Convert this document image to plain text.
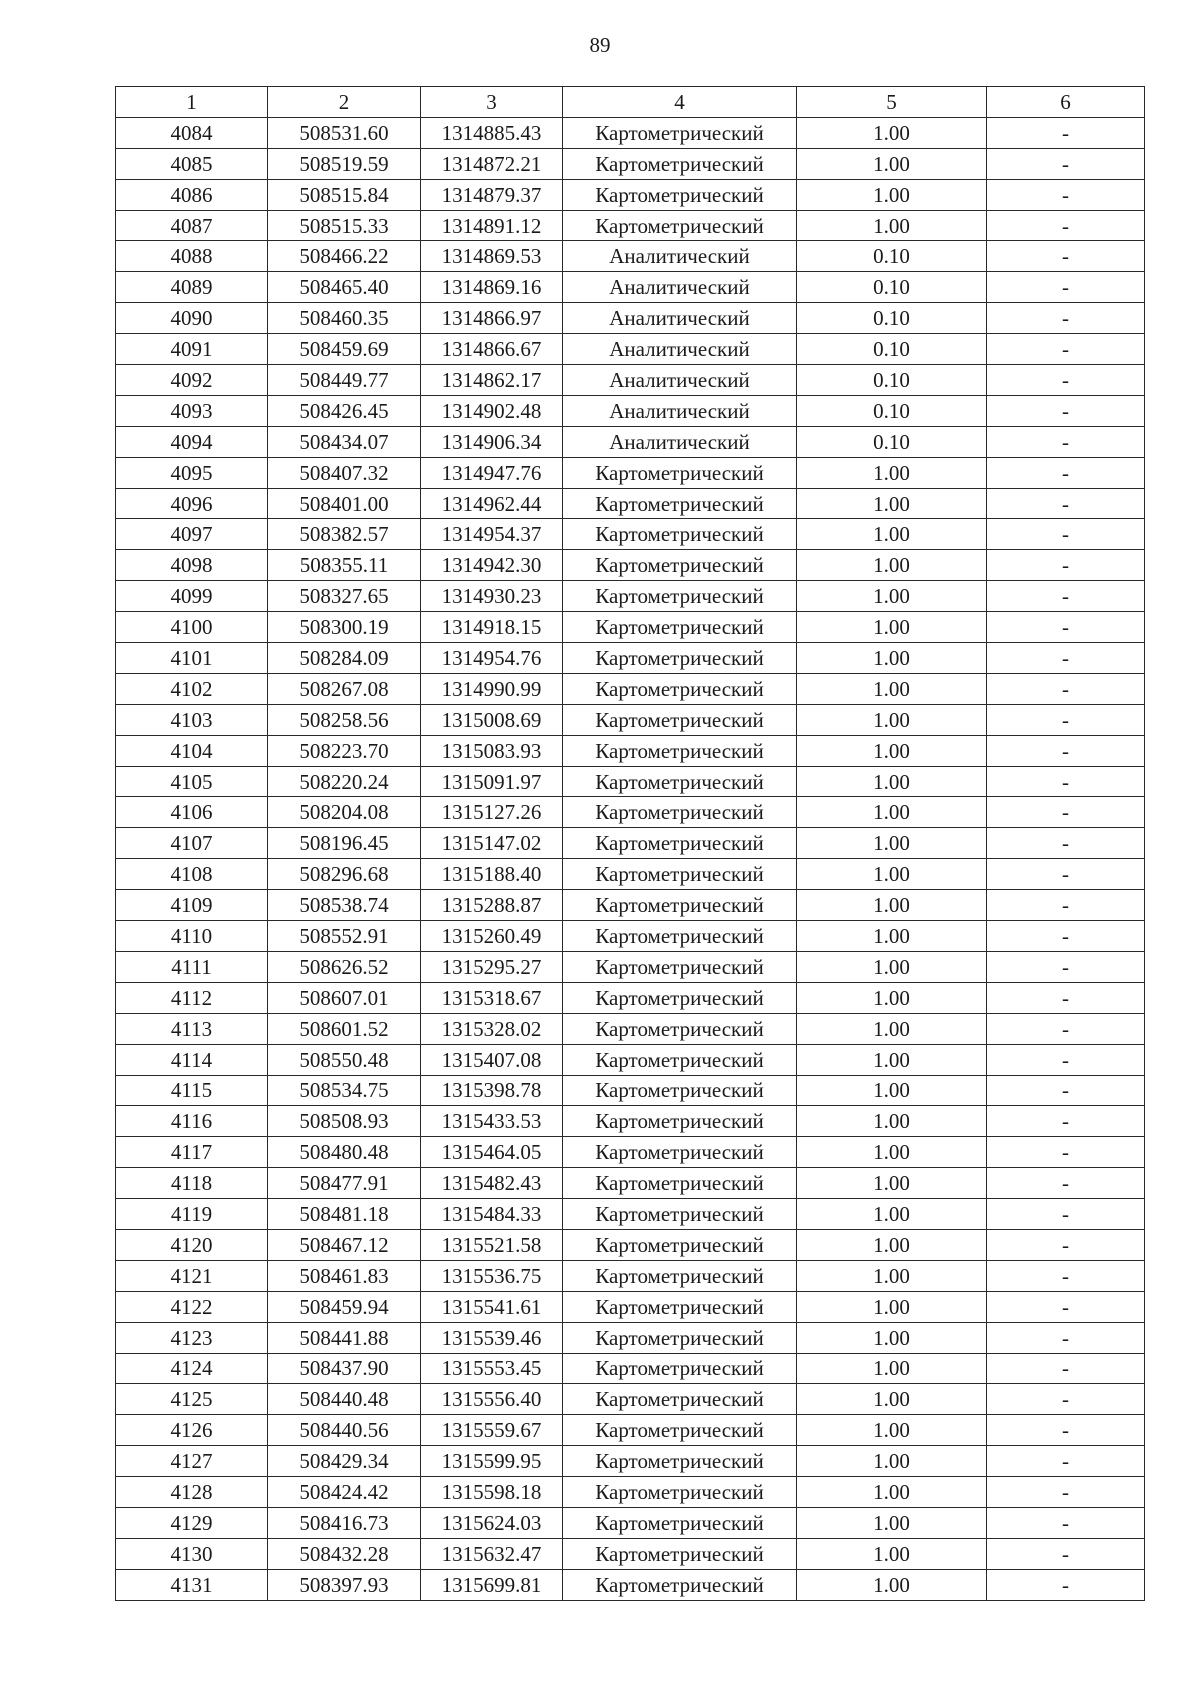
89
1	2	3	4	5	6
4084	508531.60	1314885.43	Картометрический	1.00	-
4085	508519.59	1314872.21	Картометрический	1.00	-
4086	508515.84	1314879.37	Картометрический	1.00	-
4087	508515.33	1314891.12	Картометрический	1.00	-
4088	508466.22	1314869.53	Аналитический	0.10	-
4089	508465.40	1314869.16	Аналитический	0.10	-
4090	508460.35	1314866.97	Аналитический	0.10	-
4091	508459.69	1314866.67	Аналитический	0.10	-
4092	508449.77	1314862.17	Аналитический	0.10	-
4093	508426.45	1314902.48	Аналитический	0.10	-
4094	508434.07	1314906.34	Аналитический	0.10	-
4095	508407.32	1314947.76	Картометрический	1.00	-
4096	508401.00	1314962.44	Картометрический	1.00	-
4097	508382.57	1314954.37	Картометрический	1.00	-
4098	508355.11	1314942.30	Картометрический	1.00	-
4099	508327.65	1314930.23	Картометрический	1.00	-
4100	508300.19	1314918.15	Картометрический	1.00	-
4101	508284.09	1314954.76	Картометрический	1.00	-
4102	508267.08	1314990.99	Картометрический	1.00	-
4103	508258.56	1315008.69	Картометрический	1.00	-
4104	508223.70	1315083.93	Картометрический	1.00	-
4105	508220.24	1315091.97	Картометрический	1.00	-
4106	508204.08	1315127.26	Картометрический	1.00	-
4107	508196.45	1315147.02	Картометрический	1.00	-
4108	508296.68	1315188.40	Картометрический	1.00	-
4109	508538.74	1315288.87	Картометрический	1.00	-
4110	508552.91	1315260.49	Картометрический	1.00	-
4111	508626.52	1315295.27	Картометрический	1.00	-
4112	508607.01	1315318.67	Картометрический	1.00	-
4113	508601.52	1315328.02	Картометрический	1.00	-
4114	508550.48	1315407.08	Картометрический	1.00	-
4115	508534.75	1315398.78	Картометрический	1.00	-
4116	508508.93	1315433.53	Картометрический	1.00	-
4117	508480.48	1315464.05	Картометрический	1.00	-
4118	508477.91	1315482.43	Картометрический	1.00	-
4119	508481.18	1315484.33	Картометрический	1.00	-
4120	508467.12	1315521.58	Картометрический	1.00	-
4121	508461.83	1315536.75	Картометрический	1.00	-
4122	508459.94	1315541.61	Картометрический	1.00	-
4123	508441.88	1315539.46	Картометрический	1.00	-
4124	508437.90	1315553.45	Картометрический	1.00	-
4125	508440.48	1315556.40	Картометрический	1.00	-
4126	508440.56	1315559.67	Картометрический	1.00	-
4127	508429.34	1315599.95	Картометрический	1.00	-
4128	508424.42	1315598.18	Картометрический	1.00	-
4129	508416.73	1315624.03	Картометрический	1.00	-
4130	508432.28	1315632.47	Картометрический	1.00	-
4131	508397.93	1315699.81	Картометрический	1.00	-
